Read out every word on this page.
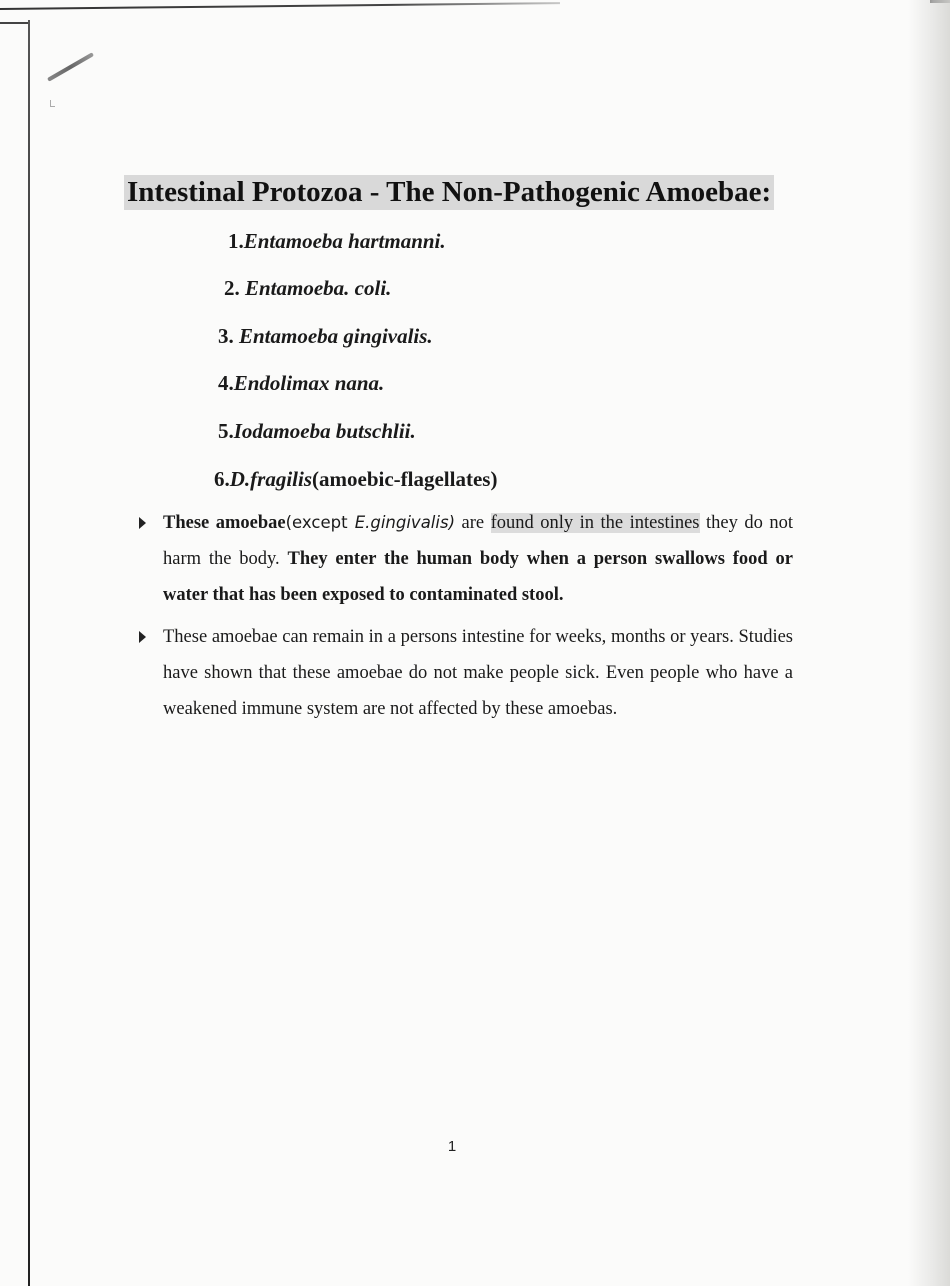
Intestinal Protozoa - The Non-Pathogenic Amoebae:
1.Entamoeba hartmanni.
2. Entamoeba. coli.
3. Entamoeba gingivalis.
4.Endolimax nana.
5.Iodamoeba butschlii.
6.D.fragilis(amoebic-flagellates)

These amoebae(except E.gingivalis) are found only in the intestines they do not harm the body. They enter the human body when a person swallows food or water that has been exposed to contaminated stool.

These amoebae can remain in a persons intestine for weeks, months or years. Studies have shown that these amoebae do not make people sick. Even people who have a weakened immune system are not affected by these amoebas.

1
